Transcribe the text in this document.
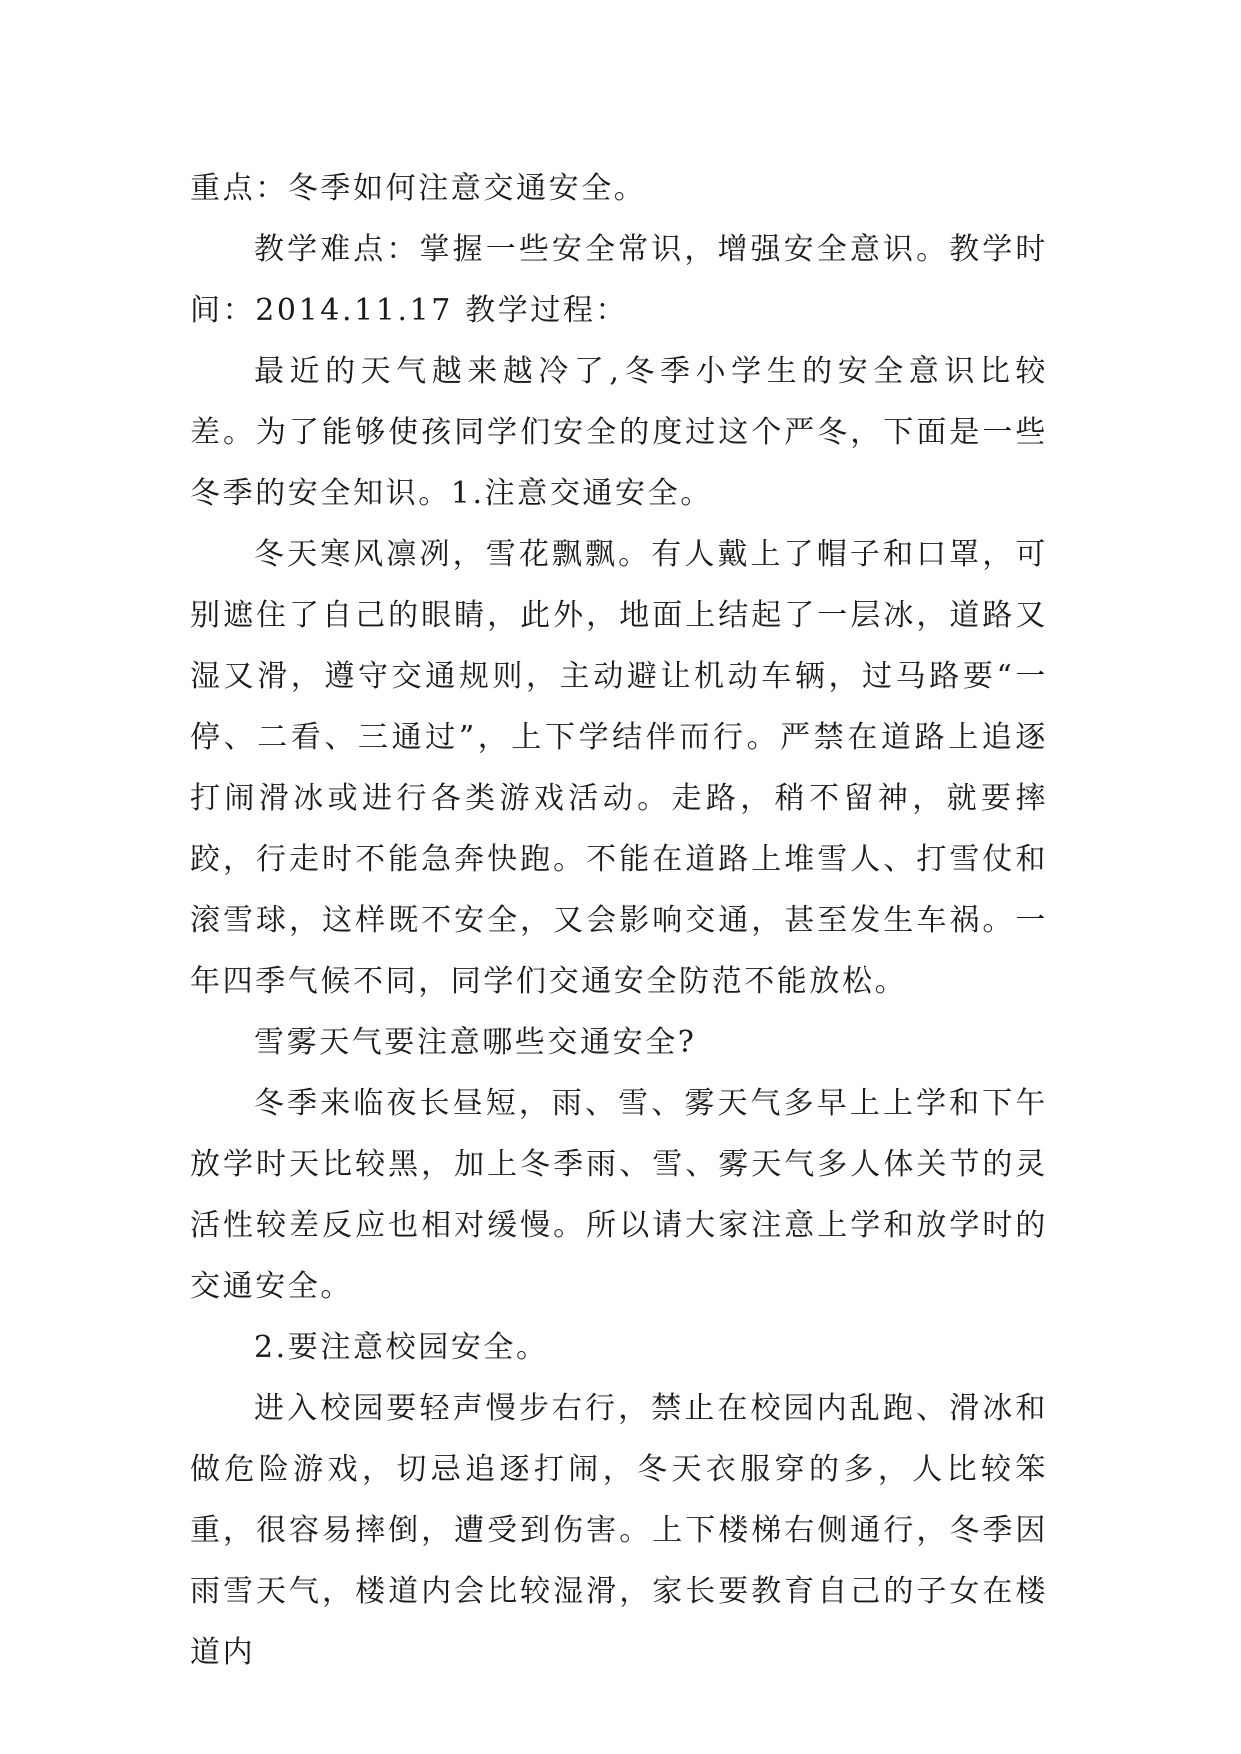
重点：冬季如何注意交通安全。

教学难点：掌握一些安全常识，增强安全意识。教学时间：2014.11.17 教学过程：

最近的天气越来越冷了,冬季小学生的安全意识比较差。为了能够使孩同学们安全的度过这个严冬，下面是一些冬季的安全知识。1.注意交通安全。

冬天寒风凛冽，雪花飘飘。有人戴上了帽子和口罩，可别遮住了自己的眼睛，此外，地面上结起了一层冰，道路又湿又滑，遵守交通规则，主动避让机动车辆，过马路要“一停、二看、三通过”，上下学结伴而行。严禁在道路上追逐打闹滑冰或进行各类游戏活动。走路，稍不留神，就要摔跤，行走时不能急奔快跑。不能在道路上堆雪人、打雪仗和滚雪球，这样既不安全，又会影响交通，甚至发生车祸。一年四季气候不同，同学们交通安全防范不能放松。

雪雾天气要注意哪些交通安全?

冬季来临夜长昼短，雨、雪、雾天气多早上上学和下午放学时天比较黑，加上冬季雨、雪、雾天气多人体关节的灵活性较差反应也相对缓慢。所以请大家注意上学和放学时的交通安全。

2.要注意校园安全。

进入校园要轻声慢步右行，禁止在校园内乱跑、滑冰和做危险游戏，切忌追逐打闹，冬天衣服穿的多，人比较笨重，很容易摔倒，遭受到伤害。上下楼梯右侧通行，冬季因雨雪天气，楼道内会比较湿滑，家长要教育自己的子女在楼道内
